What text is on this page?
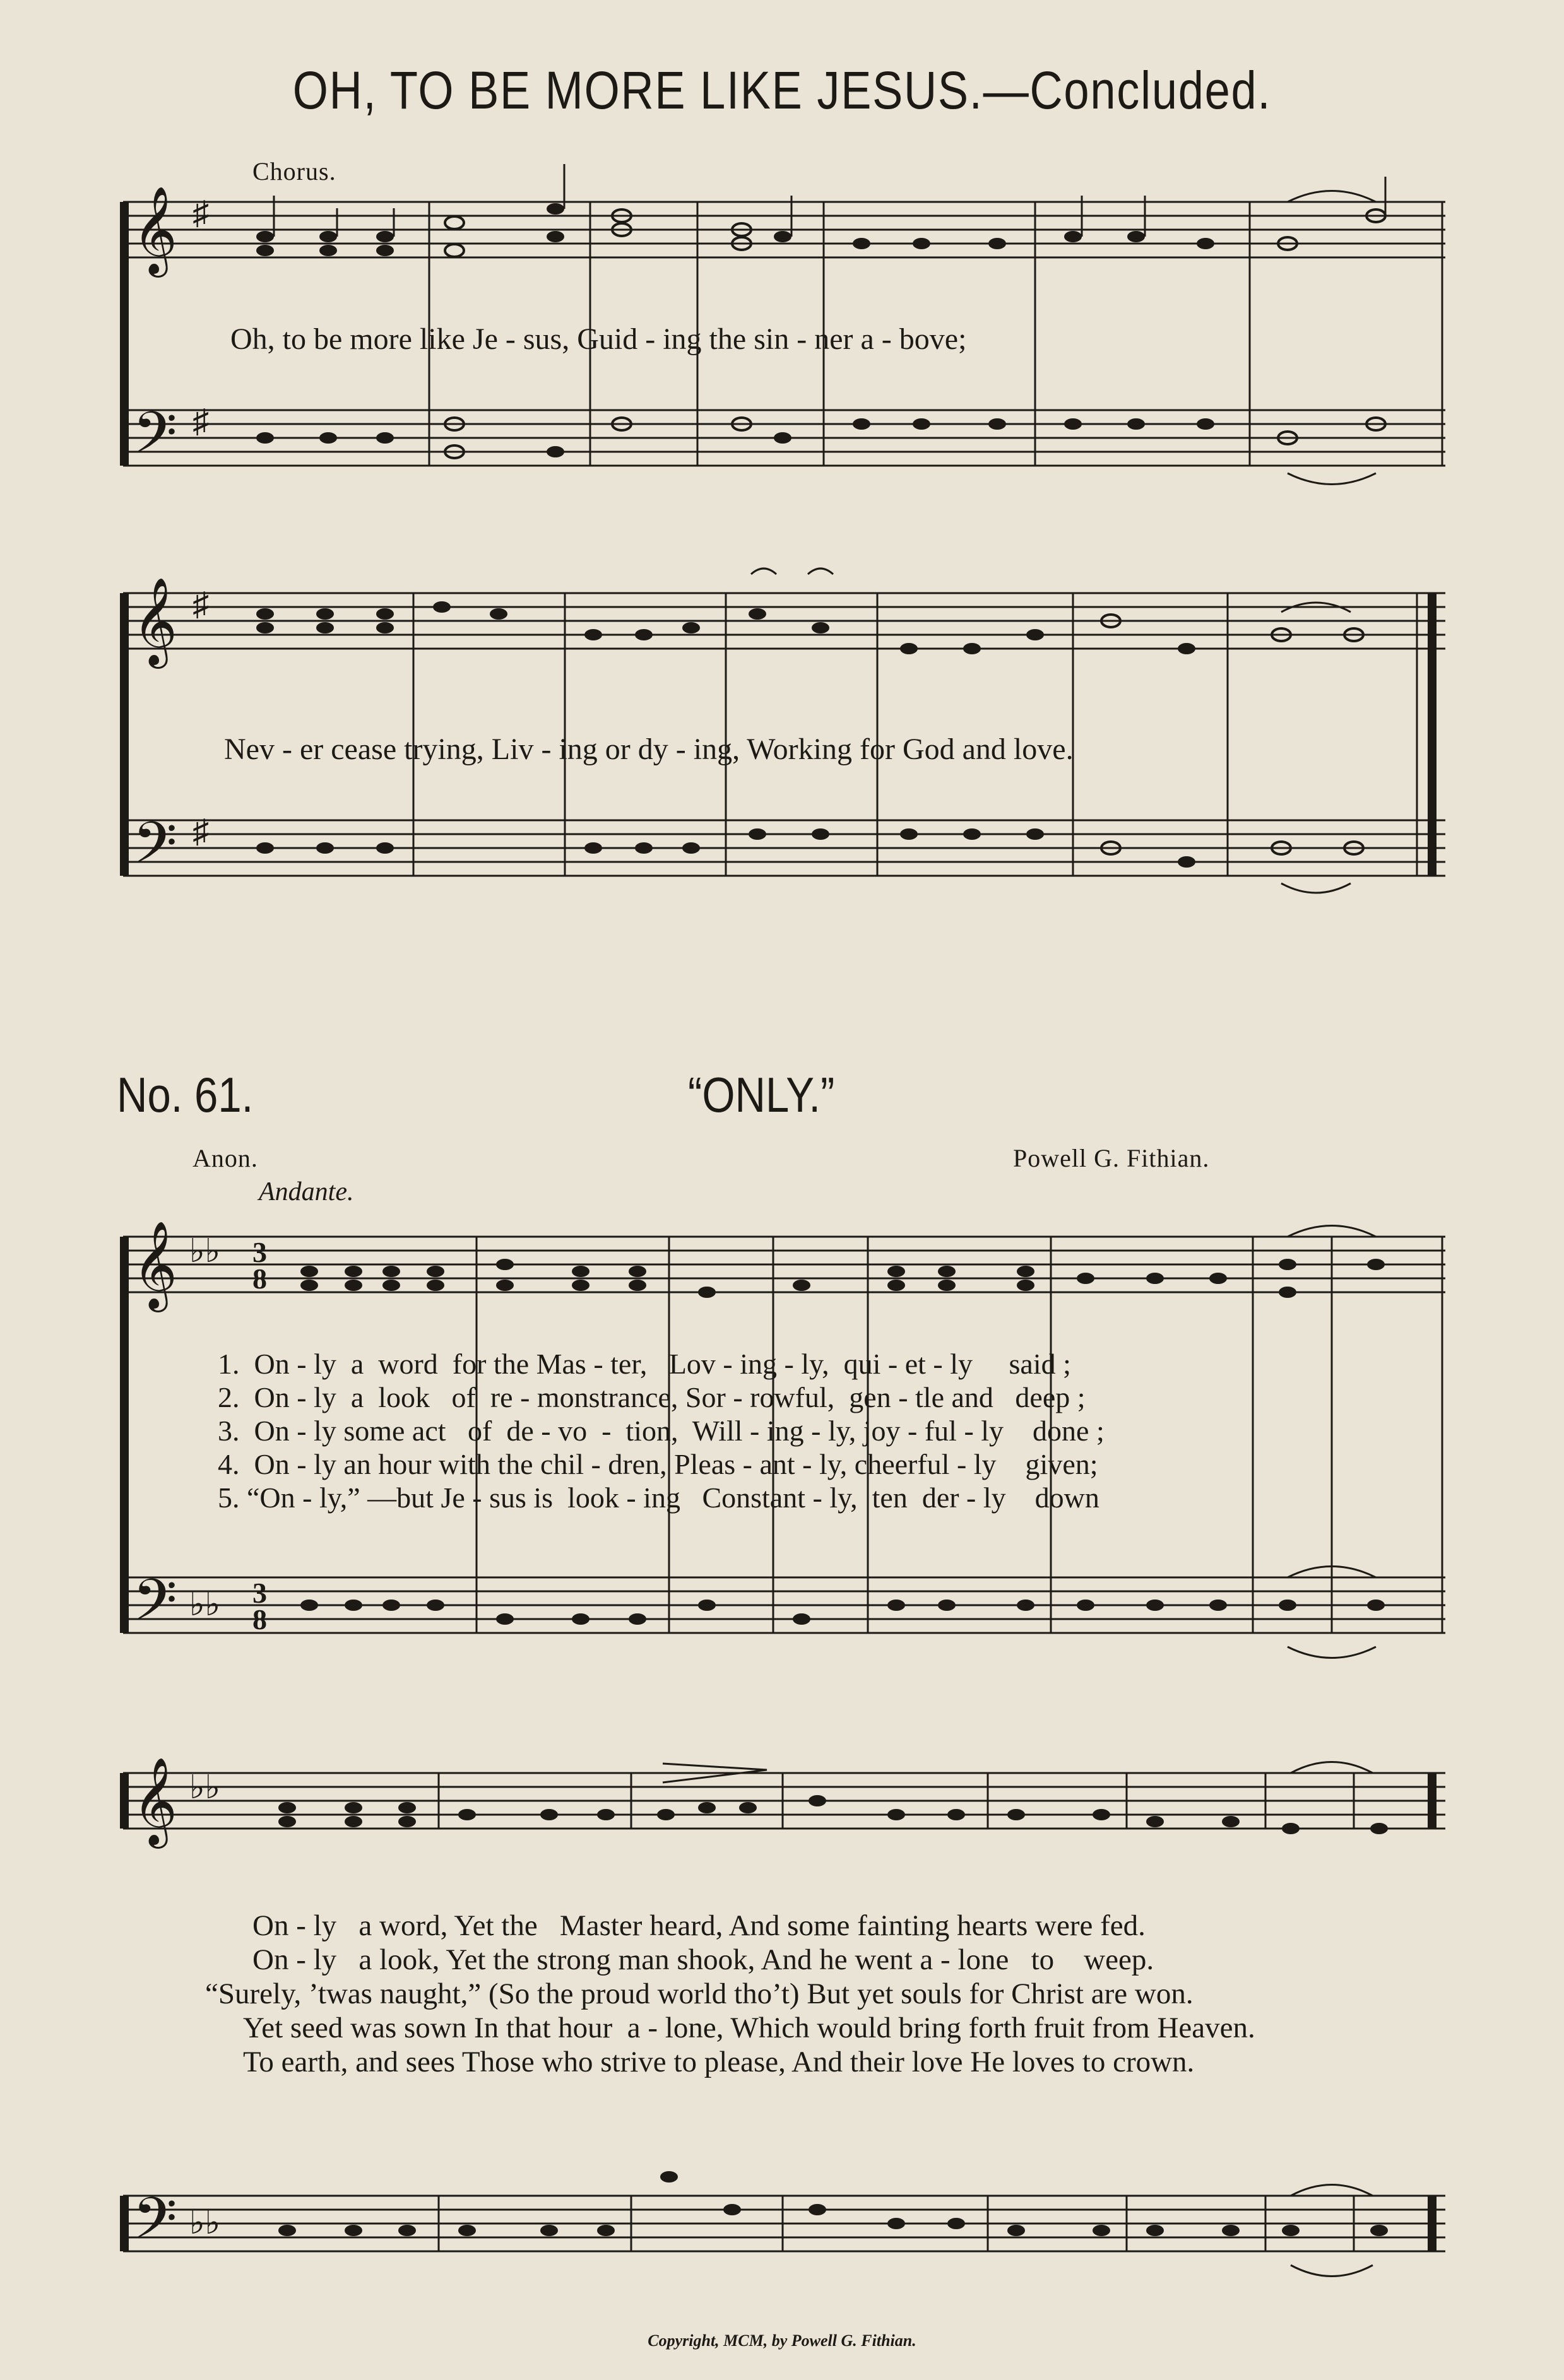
OH, TO BE MORE LIKE JESUS.—Concluded.
Chorus.
𝄞
𝄢
♯
♯
Oh, to be more like Je - sus, Guid - ing the sin - ner a - bove;
𝄞
𝄢
♯
♯
Nev - er cease trying, Liv - ing or dy - ing, Working for God and love.
No. 61.	“ONLY.”
Anon.	Powell G. Fithian.
Andante.
𝄞
𝄢
♭♭
♭♭
3
8
3
8
1.  On - ly  a  word  for the Mas - ter,   Lov - ing - ly,  qui - et - ly     said ;
2.  On - ly  a  look   of  re - monstrance, Sor - rowful,  gen - tle and   deep ;
3.  On - ly some act   of  de - vo  -  tion,  Will - ing - ly, joy - ful - ly    done ;
4.  On - ly an hour with the chil - dren, Pleas - ant - ly, cheerful - ly    given;
5. “On - ly,” —but Je - sus is  look - ing   Constant - ly,  ten  der - ly    down
𝄞 ♭♭
On - ly   a word, Yet the   Master heard, And some fainting hearts were fed.
On - ly   a look, Yet the strong man shook, And he went a - lone   to    weep.
“Surely, ’twas naught,” (So the proud world tho’t) But yet souls for Christ are won.
Yet seed was sown In that hour  a - lone, Which would bring forth fruit from Heaven.
To earth, and sees Those who strive to please, And their love He loves to crown.
𝄢 ♭♭
Copyright, MCM, by Powell G. Fithian.
